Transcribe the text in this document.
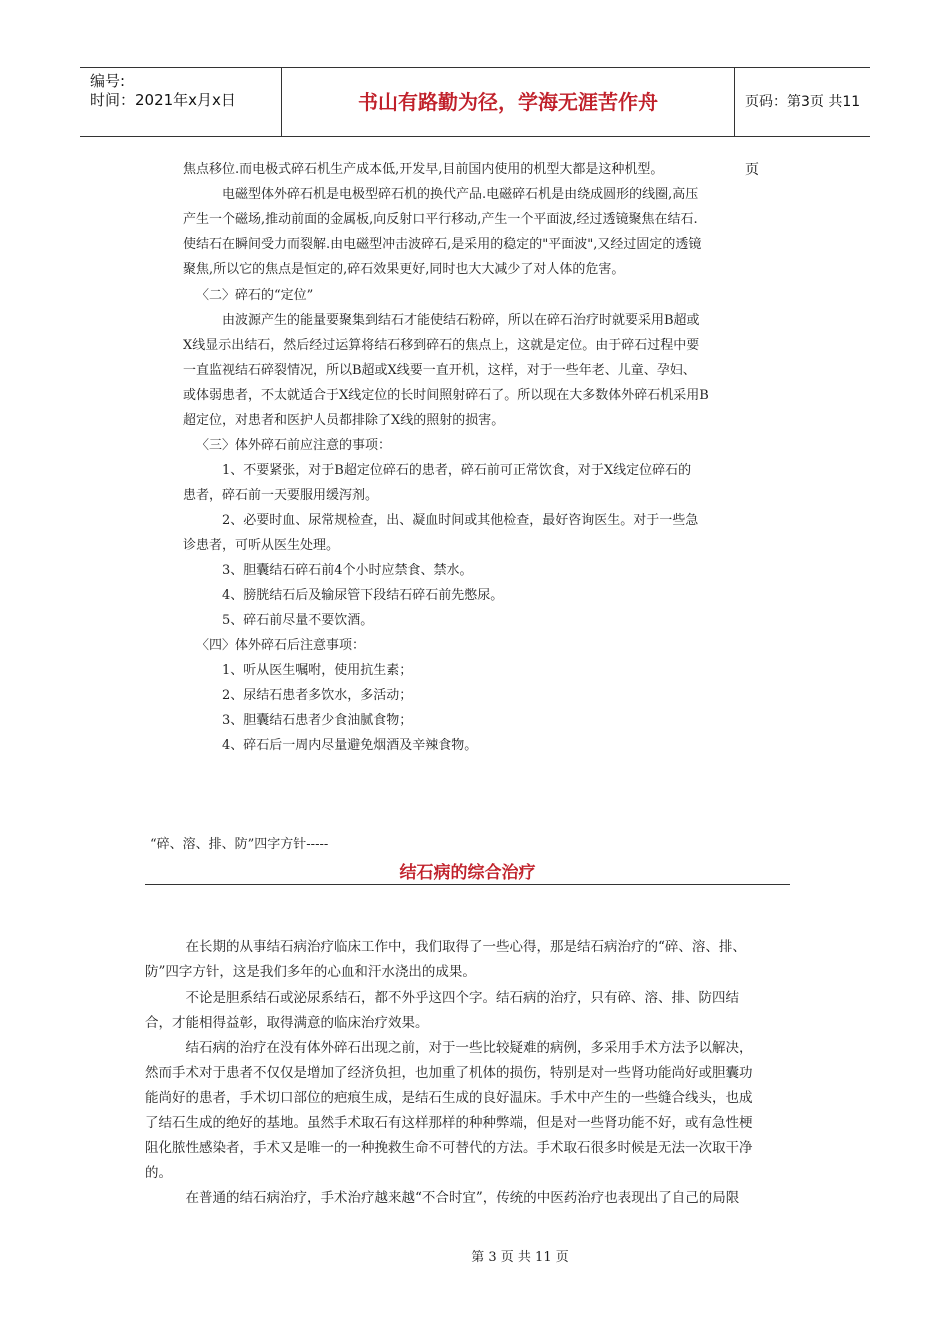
编号:
时间：2021年x月x日	书山有路勤为径，学海无涯苦作舟	页码：第3页 共11页
焦点移位.而电极式碎石机生产成本低,开发早,目前国内使用的机型大都是这种机型。
　　　电磁型体外碎石机是电极型碎石机的换代产品.电磁碎石机是由绕成圆形的线圈,高压
产生一个磁场,推动前面的金属板,向反射口平行移动,产生一个平面波,经过透镜聚焦在结石.
使结石在瞬间受力而裂解.由电磁型冲击波碎石,是采用的稳定的"平面波",又经过固定的透镜
聚焦,所以它的焦点是恒定的,碎石效果更好,同时也大大减少了对人体的危害。
〈二〉碎石的“定位”
　　　由波源产生的能量要聚集到结石才能使结石粉碎，所以在碎石治疗时就要采用B超或
X线显示出结石，然后经过运算将结石移到碎石的焦点上，这就是定位。由于碎石过程中要
一直监视结石碎裂情况，所以B超或X线要一直开机，这样，对于一些年老、儿童、孕妇、
或体弱患者，不太就适合于X线定位的长时间照射碎石了。所以现在大多数体外碎石机采用B
超定位，对患者和医护人员都排除了X线的照射的损害。
〈三〉体外碎石前应注意的事项：
　　　1、不要紧张，对于B超定位碎石的患者，碎石前可正常饮食，对于X线定位碎石的
患者，碎石前一天要服用缓泻剂。
　　　2、必要时血、尿常规检查，出、凝血时间或其他检查，最好咨询医生。对于一些急
诊患者，可听从医生处理。
　　　3、胆囊结石碎石前4个小时应禁食、禁水。
　　　4、膀胱结石后及输尿管下段结石碎石前先憋尿。
　　　5、碎石前尽量不要饮酒。
〈四〉体外碎石后注意事项：
　　　1、听从医生嘱咐，使用抗生素；
　　　2、尿结石患者多饮水，多活动；
　　　3、胆囊结石患者少食油腻食物；
　　　4、碎石后一周内尽量避免烟酒及辛辣食物。
“碎、溶、排、防”四字方针-----
结石病的综合治疗
　　　在长期的从事结石病治疗临床工作中，我们取得了一些心得，那是结石病治疗的“碎、溶、排、
防”四字方针，这是我们多年的心血和汗水浇出的成果。
　　　不论是胆系结石或泌尿系结石，都不外乎这四个字。结石病的治疗，只有碎、溶、排、防四结
合，才能相得益彰，取得满意的临床治疗效果。
　　　结石病的治疗在没有体外碎石出现之前，对于一些比较疑难的病例，多采用手术方法予以解决，
然而手术对于患者不仅仅是增加了经济负担，也加重了机体的损伤，特别是对一些肾功能尚好或胆囊功
能尚好的患者，手术切口部位的疤痕生成，是结石生成的良好温床。手术中产生的一些缝合线头，也成
了结石生成的绝好的基地。虽然手术取石有这样那样的种种弊端，但是对一些肾功能不好，或有急性梗
阻化脓性感染者，手术又是唯一的一种挽救生命不可替代的方法。手术取石很多时候是无法一次取干净
的。
　　　在普通的结石病治疗，手术治疗越来越“不合时宜”，传统的中医药治疗也表现出了自己的局限
第 3 页 共 11 页
